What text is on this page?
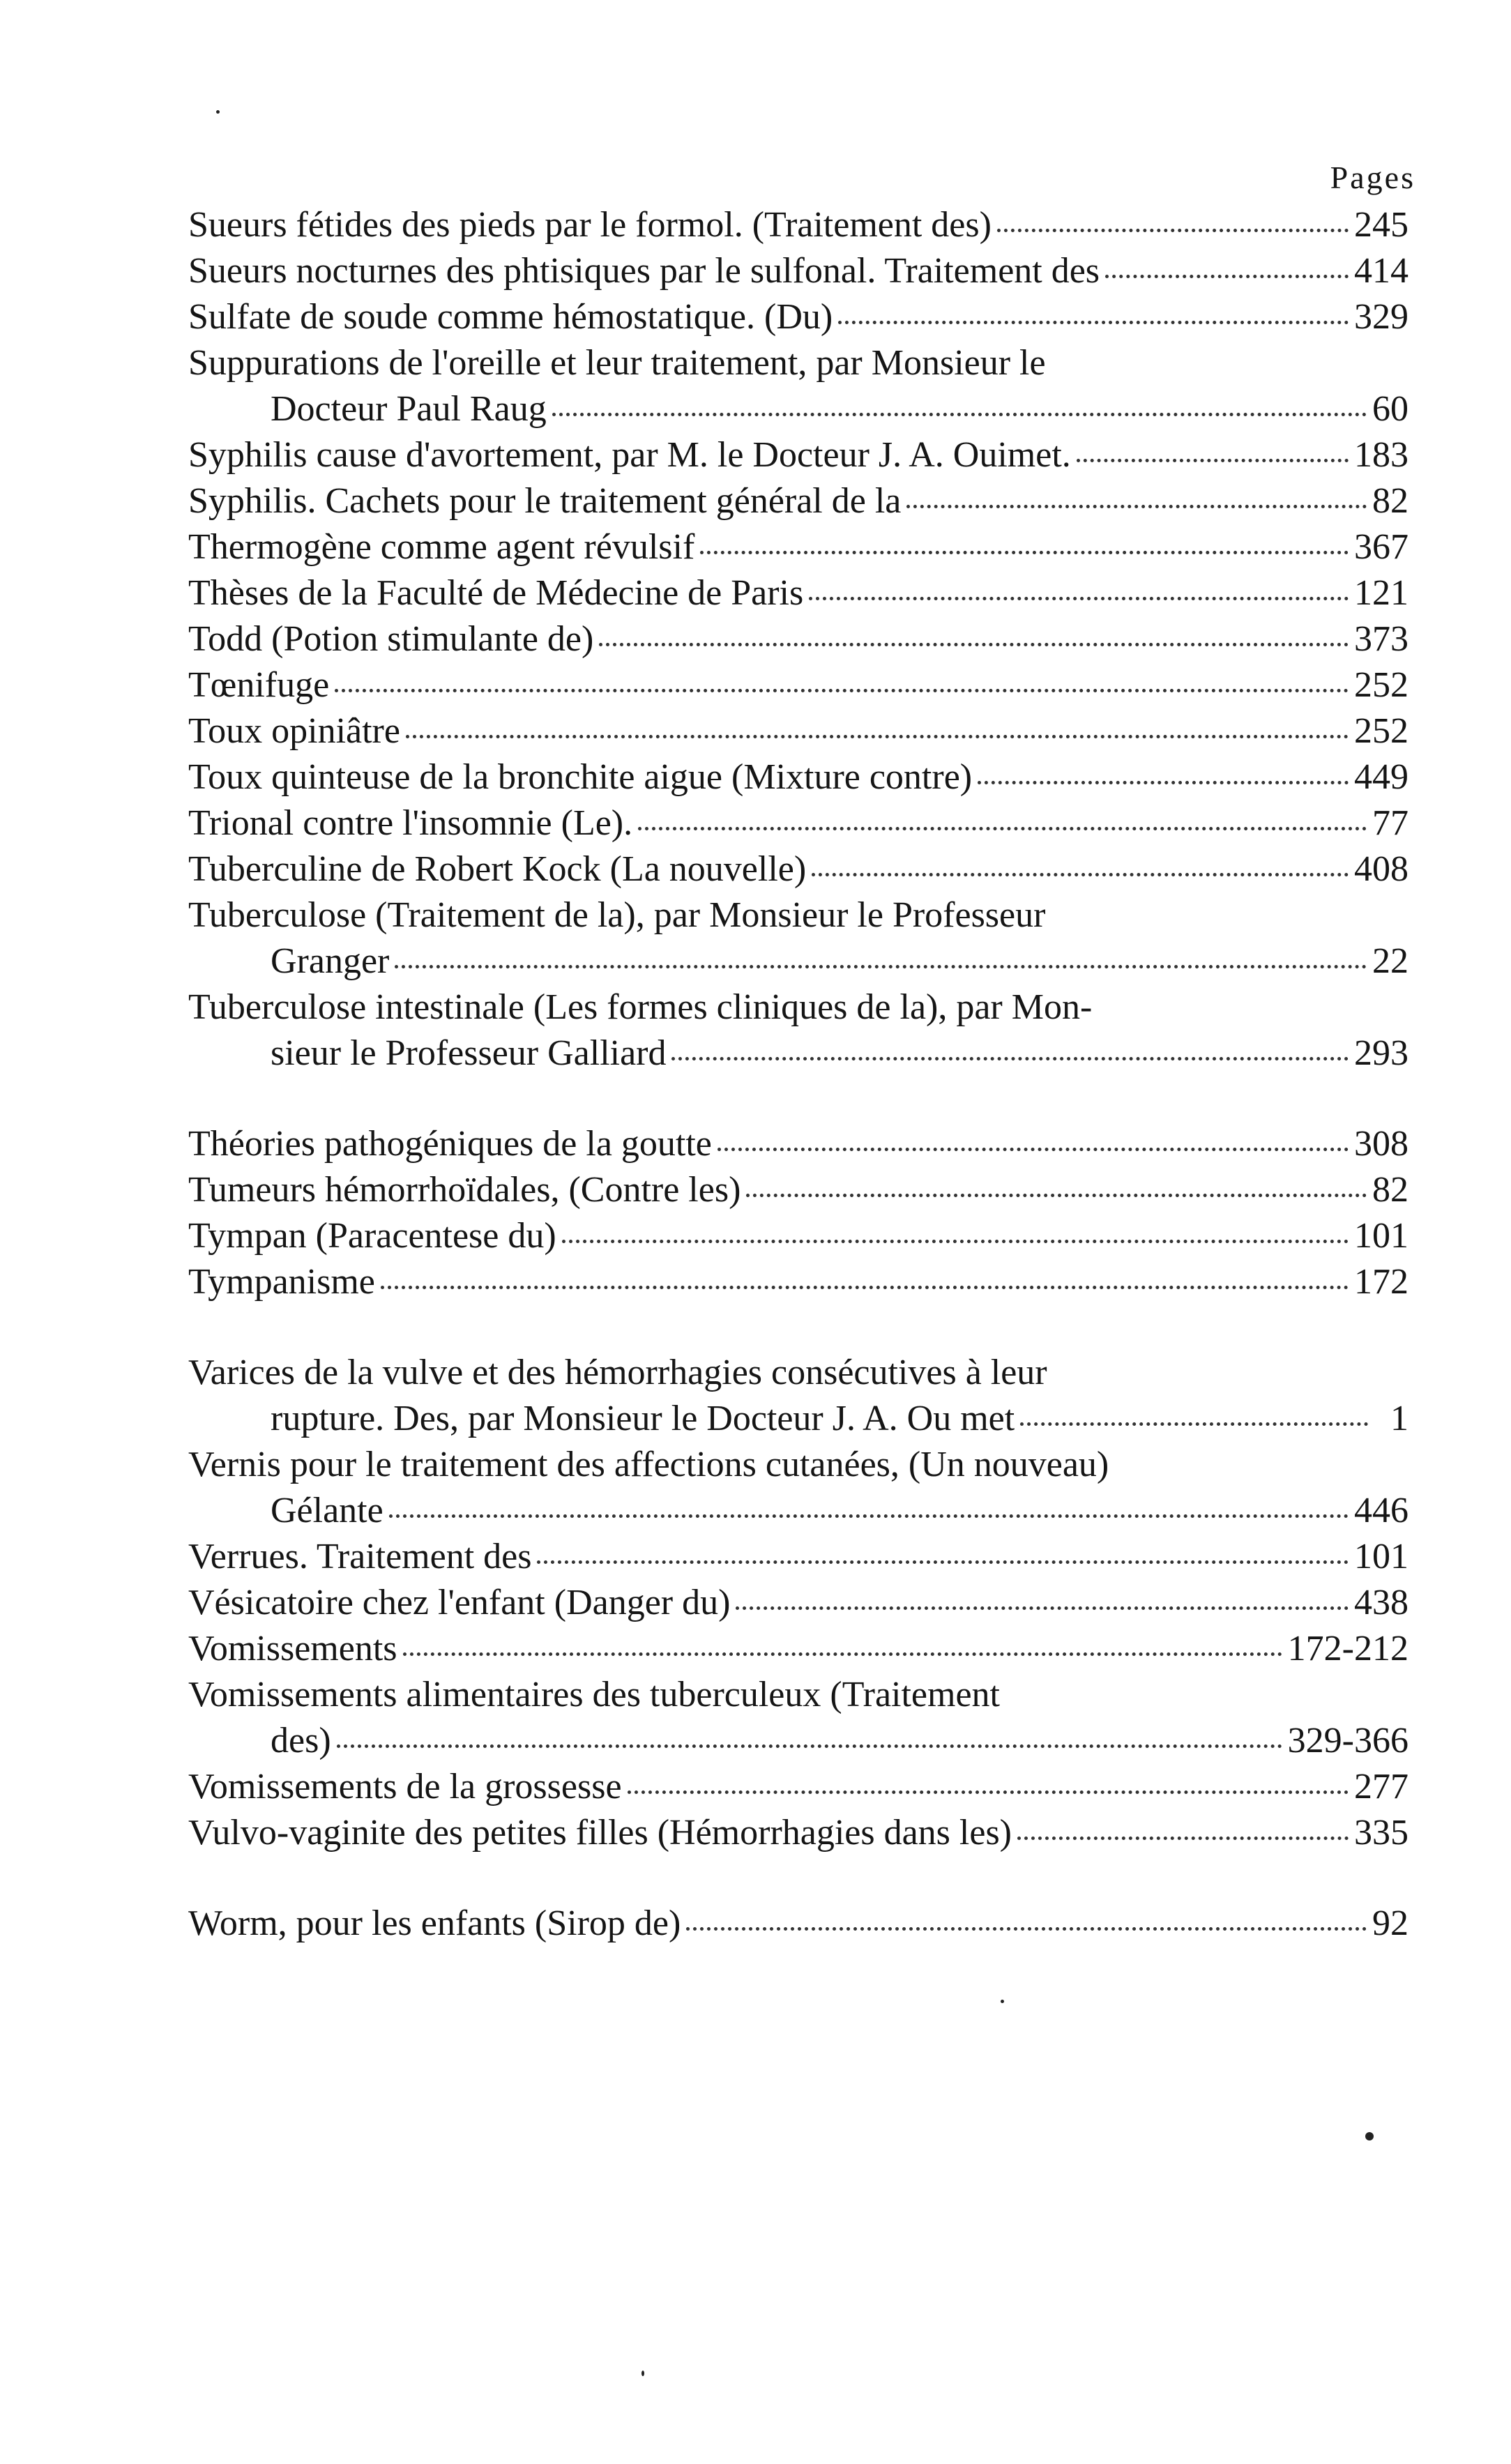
Pages
Sueurs fétides des pieds par le formol. (Traitement des)	245
Sueurs nocturnes des phtisiques par le sulfonal. Traitement des	414
Sulfate de soude comme hémostatique. (Du)	329
Suppurations de l'oreille et leur traitement, par Monsieur le
Docteur Paul Raug	60
Syphilis cause d'avortement, par M. le Docteur J. A. Ouimet.	183
Syphilis. Cachets pour le traitement général de la	82
Thermogène comme agent révulsif	367
Thèses de la Faculté de Médecine de Paris	121
Todd (Potion stimulante de)	373
Tœnifuge	252
Toux opiniâtre	252
Toux quinteuse de la bronchite aigue (Mixture contre)	449
Trional contre l'insomnie (Le).	77
Tuberculine de Robert Kock (La nouvelle)	408
Tuberculose (Traitement de la), par Monsieur le Professeur
Granger	22
Tuberculose intestinale (Les formes cliniques de la), par Mon-
sieur le Professeur Galliard	293
Théories pathogéniques de la goutte	308
Tumeurs hémorrhoïdales, (Contre les)	82
Tympan (Paracentese du)	101
Tympanisme	172
Varices de la vulve et des hémorrhagies consécutives à leur
rupture. Des, par Monsieur le Docteur J. A. Ou met	1
Vernis pour le traitement des affections cutanées, (Un nouveau)
Gélante	446
Verrues. Traitement des	101
Vésicatoire chez l'enfant (Danger du)	438
Vomissements	172-212
Vomissements alimentaires des tuberculeux (Traitement
des)	329-366
Vomissements de la grossesse	277
Vulvo-vaginite des petites filles (Hémorrhagies dans les)	335
Worm, pour les enfants (Sirop de)	92
